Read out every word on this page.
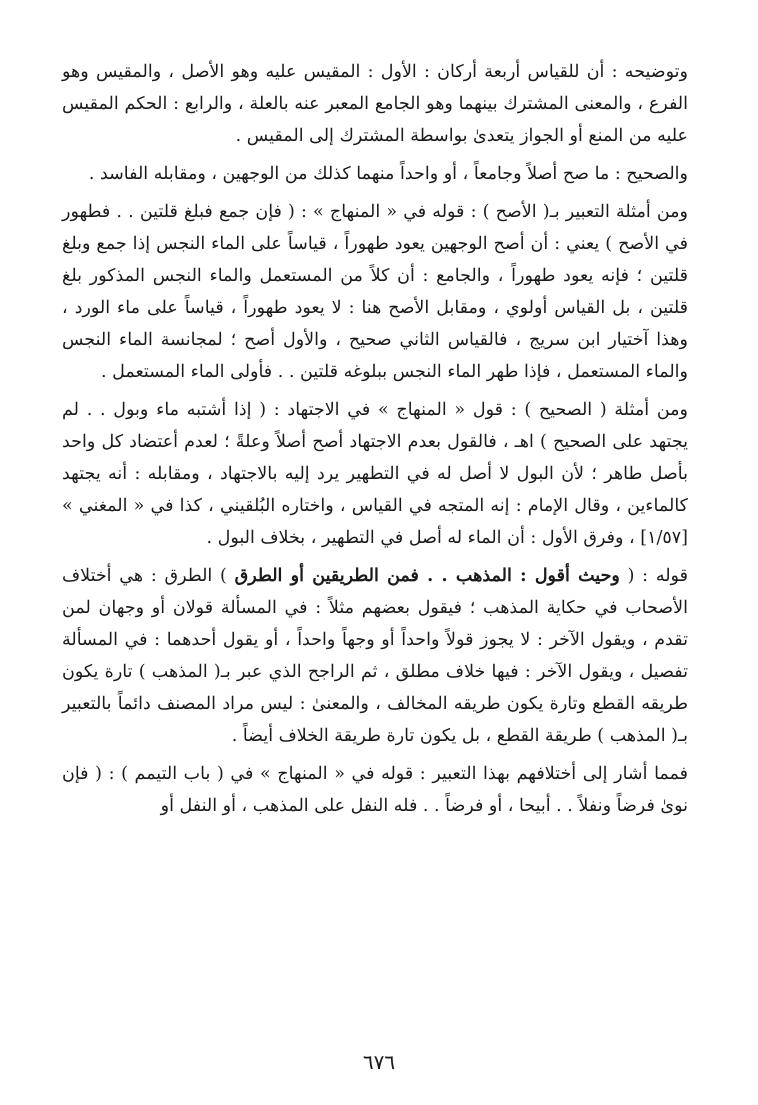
وتوضيحه : أن للقياس أربعة أركان : الأول : المقيس عليه وهو الأصل ، والمقيس وهو الفرع ، والمعنى المشترك بينهما وهو الجامع المعبر عنه بالعلة ، والرابع : الحكم المقيس عليه من المنع أو الجواز يتعدىٰ بواسطة المشترك إلى المقيس .

والصحيح : ما صح أصلاً وجامعاً ، أو واحداً منهما كذلك من الوجهين ، ومقابله الفاسد .

ومن أمثلة التعبير بـ( الأصح ) : قوله في « المنهاج » : ( فإن جمع فبلغ قلتين . . فطهور في الأصح ) يعني : أن أصح الوجهين يعود طهوراً ، قياساً على الماء النجس إذا جمع وبلغ قلتين ؛ فإنه يعود طهوراً ، والجامع : أن كلاً من المستعمل والماء النجس المذكور بلغ قلتين ، بل القياس أولوي ، ومقابل الأصح هنا : لا يعود طهوراً ، قياساً على ماء الورد ، وهذا آختيار ابن سريج ، فالقياس الثاني صحيح ، والأول أصح ؛ لمجانسة الماء النجس والماء المستعمل ، فإذا طهر الماء النجس ببلوغه قلتين . . فأولى الماء المستعمل .

ومن أمثلة ( الصحيح ) : قول « المنهاج » في الاجتهاد : ( إذا أشتبه ماء وبول . . لم يجتهد على الصحيح ) اهـ ، فالقول بعدم الاجتهاد أصح أصلاً وعلةً ؛ لعدم أعتضاد كل واحد بأصل طاهر ؛ لأن البول لا أصل له في التطهير يرد إليه بالاجتهاد ، ومقابله : أنه يجتهد كالماءين ، وقال الإمام : إنه المتجه في القياس ، واختاره البُلقيني ، كذا في « المغني » [١/٥٧] ، وفرق الأول : أن الماء له أصل في التطهير ، بخلاف البول .

قوله : ( وحيث أقول : المذهب . . فمن الطريقين أو الطرق ) الطرق : هي أختلاف الأصحاب في حكاية المذهب ؛ فيقول بعضهم مثلاً : في المسألة قولان أو وجهان لمن تقدم ، ويقول الآخر : لا يجوز قولاً واحداً أو وجهاً واحداً ، أو يقول أحدهما : في المسألة تفصيل ، ويقول الآخر : فيها خلاف مطلق ، ثم الراجح الذي عبر بـ( المذهب ) تارة يكون طريقه القطع وتارة يكون طريقه المخالف ، والمعنىٰ : ليس مراد المصنف دائماً بالتعبير بـ( المذهب ) طريقة القطع ، بل يكون تارة طريقة الخلاف أيضاً .

فمما أشار إلى أختلافهم بهذا التعبير : قوله في « المنهاج » في ( باب التيمم ) : ( فإن نوىٰ فرضاً ونفلاً . . أبيحا ، أو فرضاً . . فله النفل على المذهب ، أو النفل أو

٦٧٦
